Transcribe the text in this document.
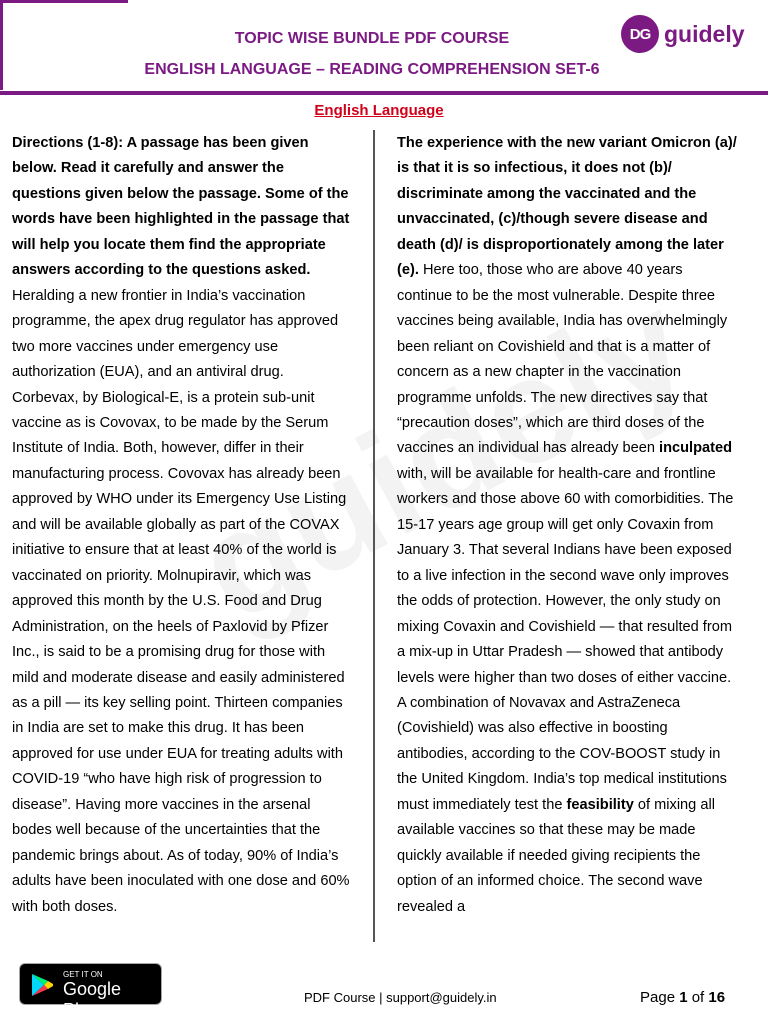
TOPIC WISE BUNDLE PDF COURSE
ENGLISH LANGUAGE – READING COMPREHENSION SET-6
DG guidely
English Language

Directions (1-8): A passage has been given below. Read it carefully and answer the questions given below the passage. Some of the words have been highlighted in the passage that will help you locate them find the appropriate answers according to the questions asked.

Heralding a new frontier in India’s vaccination programme, the apex drug regulator has approved two more vaccines under emergency use authorization (EUA), and an antiviral drug. Corbevax, by Biological-E, is a protein sub-unit vaccine as is Covovax, to be made by the Serum Institute of India. Both, however, differ in their manufacturing process. Covovax has already been approved by WHO under its Emergency Use Listing and will be available globally as part of the COVAX initiative to ensure that at least 40% of the world is vaccinated on priority. Molnupiravir, which was approved this month by the U.S. Food and Drug Administration, on the heels of Paxlovid by Pfizer Inc., is said to be a promising drug for those with mild and moderate disease and easily administered as a pill — its key selling point. Thirteen companies in India are set to make this drug. It has been approved for use under EUA for treating adults with COVID-19 “who have high risk of progression to disease”. Having more vaccines in the arsenal bodes well because of the uncertainties that the pandemic brings about. As of today, 90% of India’s adults have been inoculated with one dose and 60% with both doses.

The experience with the new variant Omicron (a)/ is that it is so infectious, it does not (b)/ discriminate among the vaccinated and the unvaccinated, (c)/though severe disease and death (d)/ is disproportionately among the later (e). Here too, those who are above 40 years continue to be the most vulnerable. Despite three vaccines being available, India has overwhelmingly been reliant on Covishield and that is a matter of concern as a new chapter in the vaccination programme unfolds. The new directives say that “precaution doses”, which are third doses of the vaccines an individual has already been inculpated with, will be available for health-care and frontline workers and those above 60 with comorbidities. The 15-17 years age group will get only Covaxin from January 3. That several Indians have been exposed to a live infection in the second wave only improves the odds of protection. However, the only study on mixing Covaxin and Covishield — that resulted from a mix-up in Uttar Pradesh — showed that antibody levels were higher than two doses of either vaccine. A combination of Novavax and AstraZeneca (Covishield) was also effective in boosting antibodies, according to the COV-BOOST study in the United Kingdom. India’s top medical institutions must immediately test the feasibility of mixing all available vaccines so that these may be made quickly available if needed giving recipients the option of an informed choice. The second wave revealed a

GET IT ON
Google Play
PDF Course | support@guidely.in	Page 1 of 16
